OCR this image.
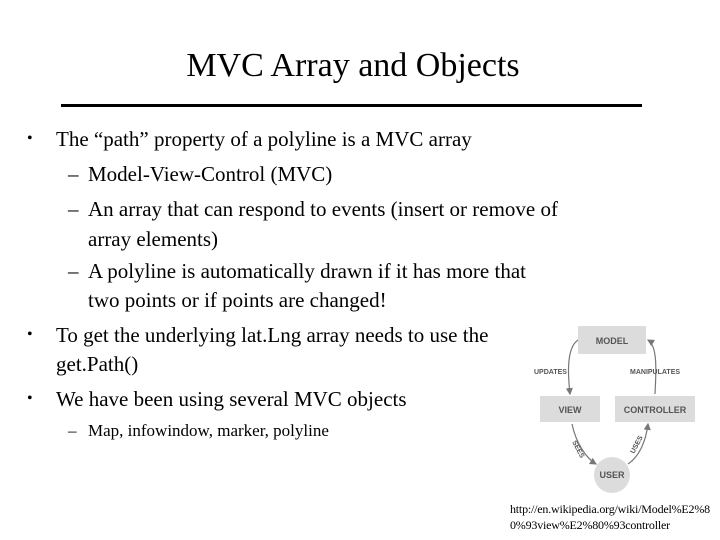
MVC Array and Objects
• The “path” property of a polyline is a MVC array
– Model-View-Control (MVC)
– An array that can respond to events (insert or remove of
array elements)
– A polyline is automatically drawn if it has more that
two points or if points are changed!
• To get the underlying lat.Lng array needs to use the
get.Path()
• We have been using several MVC objects
– Map, infowindow, marker, polyline
MODEL
VIEW	CONTROLLER
USER
UPDATES	MANIPULATES
SEES	USES
http://en.wikipedia.org/wiki/Model%E2%80%93view%E2%80%93controller
